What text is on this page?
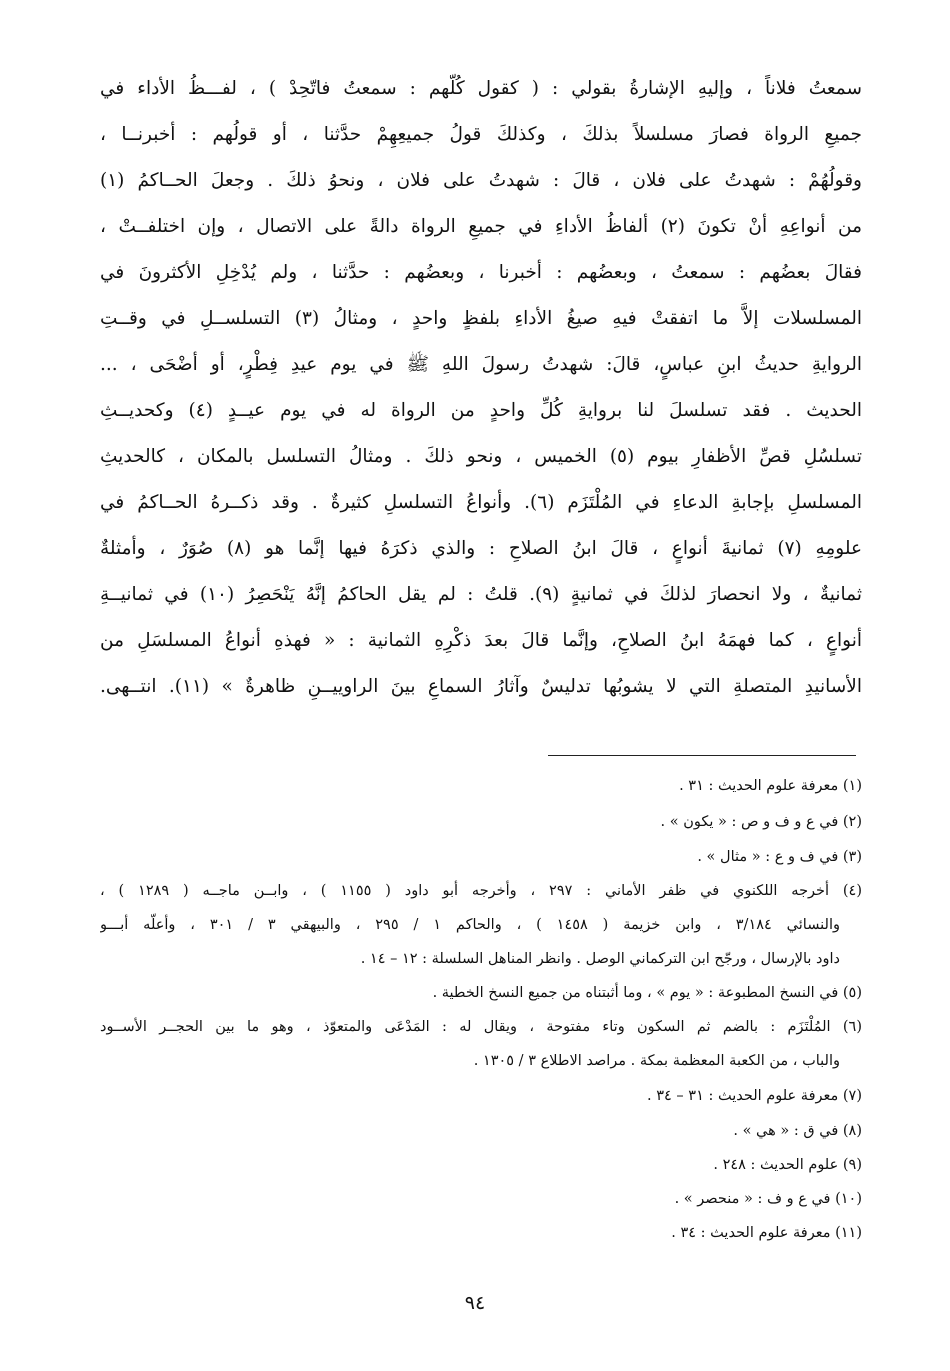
سمعتُ فلاناً ، وإليهِ الإشارةُ بقولي : ( كقول كُلّهم : سمعتُ فاتّحِدْ ) ، لفـــظُ الأداء في
جميعِ الرواة فصارَ مسلسلاً بذلكَ ، وكذلكَ قولُ جميعِهِمْ حدَّثنا ، أو قولُهم : أخبرنــا ،
وقولُهُمْ : شهدتُ على فلان ، قالَ : شهدتُ على فلان ، ونحوُ ذلكَ . وجعلَ الحــاكمُ (١)
من أنواعِهِ أنْ تكونَ (٢) ألفاظُ الأداءِ في جميعِ الرواة دالةً على الاتصال ، وإن اختلفــتْ ،
فقالَ بعضُهم : سمعتُ ، وبعضُهم : أخبرنا ، وبعضُهم : حدَّثنا ، ولم يُدْخِلِ الأكثرونَ في
المسلسلات إلاَّ ما اتفقتْ فيهِ صيغُ الأداءِ بلفظٍ واحدٍ ، ومثالُ (٣) التسلســلِ في وقــتِ
الروايةِ حديثُ ابنِ عباسٍ، قالَ: شهدتُ رسولَ اللهِ ﷺ في يوم عيدِ فِطْرٍ، أو أضْحَى ، ...
الحديث . فقد تسلسلَ لنا بروايةِ كُلِّ واحدٍ من الرواة له في يوم عيــدٍ (٤) وكحديــثِ
تسلسُلِ قصِّ الأظفارِ بيوم (٥) الخميس ، ونحو ذلكَ . ومثالُ التسلسل بالمكان ، كالحديثِ
المسلسلِ بإجابةِ الدعاءِ في المُلْتَزَم (٦). وأنواعُ التسلسلِ كثيرةٌ . وقد ذكــرهُ الحــاكمُ في
علومِهِ (٧) ثمانيةَ أنواعٍ ، قالَ ابنُ الصلاحِ : والذي ذكرَهُ فيها إنَّما هو (٨) صُوَرٌ ، وأمثلةٌ
ثمانيةٌ ، ولا انحصارَ لذلكَ في ثمانيةٍ (٩). قلتُ : لم يقل الحاكمُ إنَّهُ يَنْحَصِرُ (١٠) في ثمانيــةِ
أنواعٍ ، كما فهمَهُ ابنُ الصلاحِ، وإنَّما قالَ بعدَ ذكْرِهِ الثمانية : « فهذهِ أنواعُ المسلسَلِ من
الأسانيدِ المتصلةِ التي لا يشوبُها تدليسٌ وآثارُ السماعِ بينَ الراوييــنِ ظاهرةٌ » (١١). انتــهى.
(١) معرفة علوم الحديث : ٣١ .
(٢) في ع و ف و ص : « يكون » .
(٣) في ف و ع : « مثال » .
(٤) أخرجه اللكنوي في ظفر الأماني : ٢٩٧ ، وأخرجه أبو داود ( ١١٥٥ ) ، وابــن ماجــه ( ١٢٨٩ ) ،
والنسائي ٣/١٨٤ ، وابن خزيمة ( ١٤٥٨ ) ، والحاكم ١ / ٢٩٥ ، والبيهقي ٣ / ٣٠١ ، وأعلّه أبـــو
داود بالإرسال ، ورجّح ابن التركماني الوصل . وانظر المناهل السلسلة : ١٢ – ١٤ .
(٥) في النسخ المطبوعة : « يوم » ، وما أثبتناه من جميع النسخ الخطية .
(٦) المُلْتَزَم : بالضم ثم السكون وتاء مفتوحة ، ويقال له : المَدْعَى والمتعوّذ ، وهو ما بين الحجــر الأســود
والباب ، من الكعبة المعظمة بمكة . مراصد الاطلاع ٣ / ١٣٠٥ .
(٧) معرفة علوم الحديث : ٣١ – ٣٤ .
(٨) في ق : « هي » .
(٩) علوم الحديث : ٢٤٨ .
(١٠) في ع و ف : « منحصر » .
(١١) معرفة علوم الحديث : ٣٤ .
٩٤
